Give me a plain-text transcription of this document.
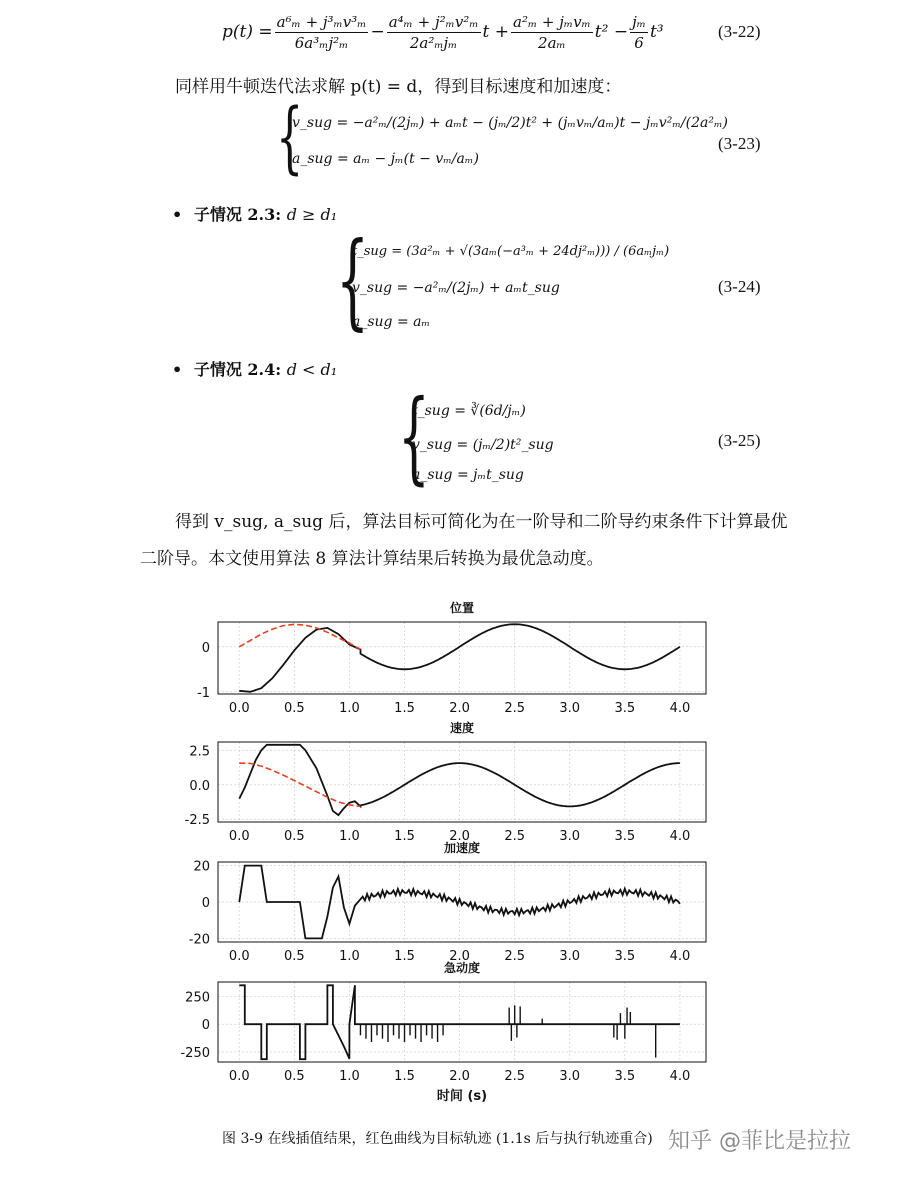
$p(t) = \frac{\text{a⁶ₘ + j³ₘv³ₘ}}{\text{6a³ₘj²ₘ}} - \frac{\text{a⁴ₘ + j²ₘv²ₘ}}{\text{2a²ₘjₘ}}$ $t + \frac{\text{a²ₘ + jₘvₘ}}{\text{2aₘ}} t^2 - \frac{\text{jₘ}}{6} t^3$	(3-22)
同样用牛顿迭代法求解 p(t) = d，得到目标速度和加速度：
{
v_sug = −a²ₘ/(2jₘ) + aₘt − (jₘ/2)t² + (jₘvₘ/aₘ)t − jₘv²ₘ/(2a²ₘ)
a_sug = aₘ − jₘ(t − vₘ/aₘ)
(3-23)
• 子情况 2.3: d ≥ d₁
{
t_sug = (3a²ₘ + √(3aₘ(−a³ₘ + 24dj²ₘ))) / (6aₘjₘ)
v_sug = −a²ₘ/(2jₘ) + aₘt_sug
a_sug = aₘ
(3-24)
• 子情况 2.4: d < d₁
{
t_sug = ∛(6d/jₘ)
v_sug = (jₘ/2)t²_sug
a_sug = jₘt_sug
(3-25)
得到 v_sug, a_sug 后，算法目标可简化为在一阶导和二阶导约束条件下计算最优
二阶导。本文使用算法 8 算法计算结果后转换为最优急动度。
位置
0
-1
0.0	0.5	1.0	1.5	2.0	2.5	3.0	3.5	4.0
速度
2.5
0.0
-2.5
0.0	0.5	1.0	1.5	2.0	2.5	3.0	3.5	4.0
加速度
20
0
-20
0.0	0.5	1.0	1.5	2.0	2.5	3.0	3.5	4.0
急动度
250
0
-250
0.0	0.5	1.0	1.5	2.0	2.5	3.0	3.5	4.0
时间 (s)
图 3-9 在线插值结果，红色曲线为目标轨迹 (1.1s 后与执行轨迹重合) 知乎 @菲比是拉拉
